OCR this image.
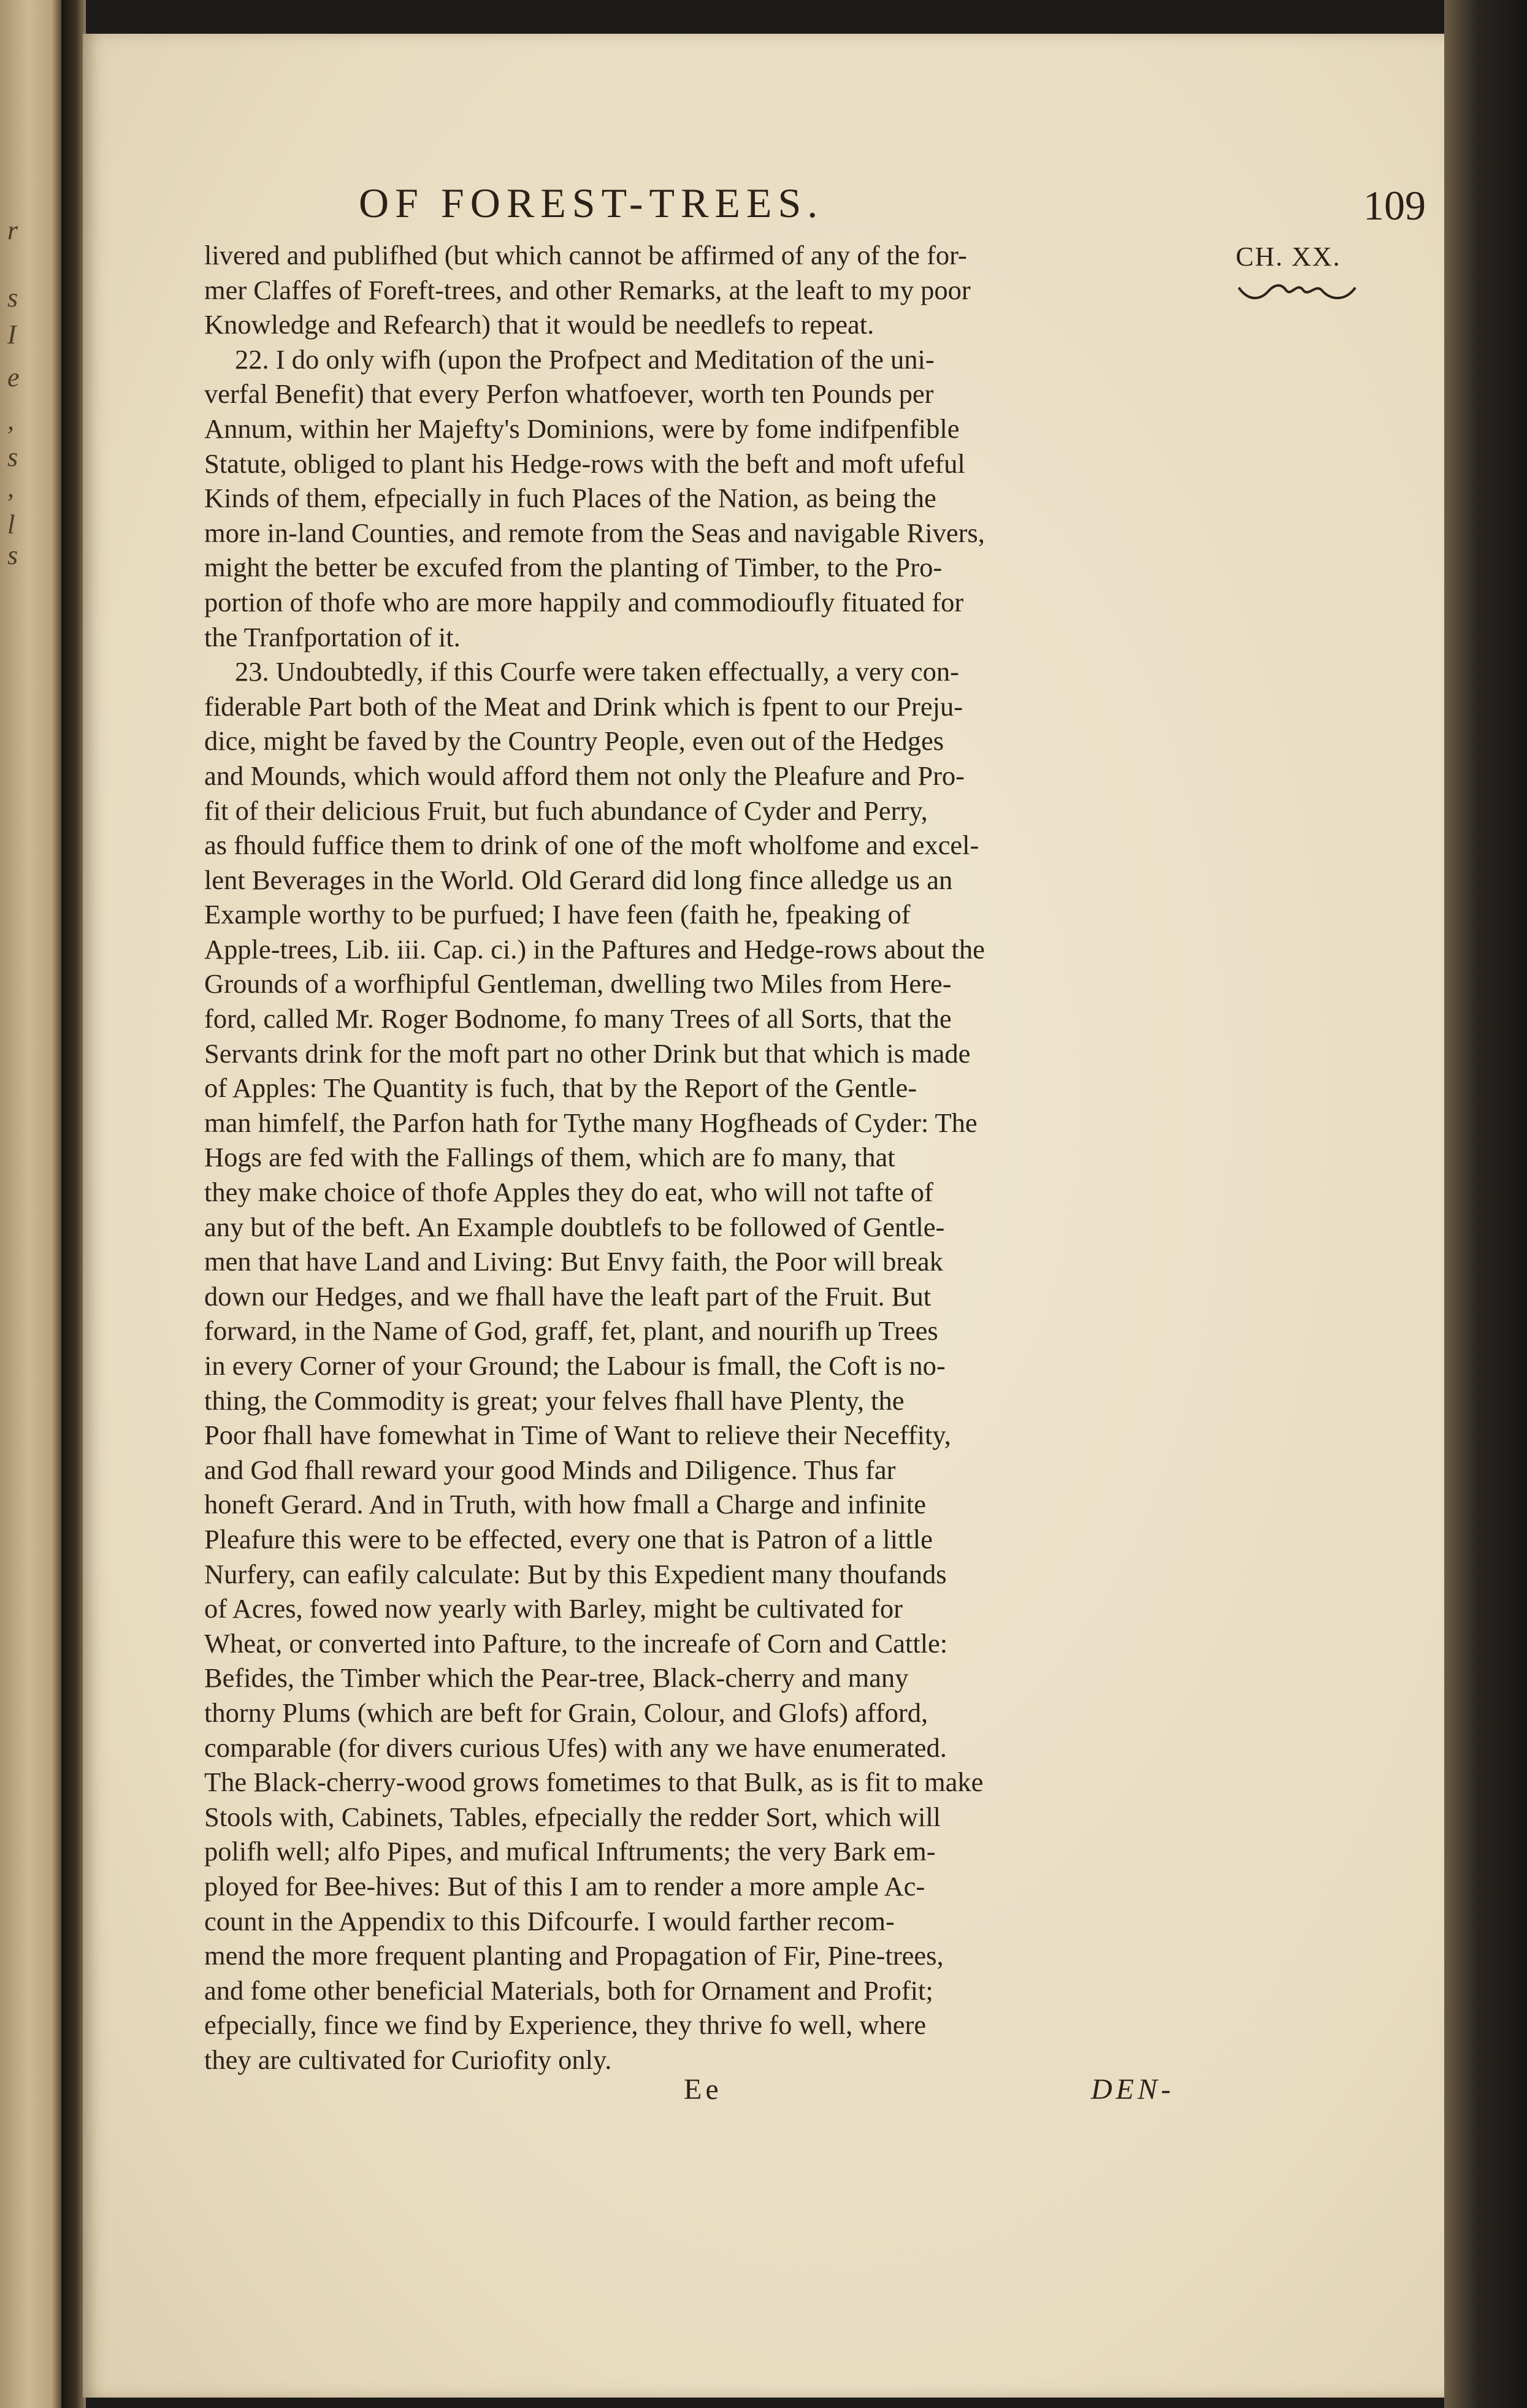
r
s
I
e
,
s
,
l
s
OF FOREST-TREES.	109
CH. XX.
livered and publifhed (but which cannot be affirmed of any of the for-
mer Claffes of Foreft-trees, and other Remarks, at the leaft to my poor
Knowledge and Refearch) that it would be needlefs to repeat.
22. I do only wifh (upon the Profpect and Meditation of the uni-
verfal Benefit) that every Perfon whatfoever, worth ten Pounds per
Annum, within her Majefty's Dominions, were by fome indifpenfible
Statute, obliged to plant his Hedge-rows with the beft and moft ufeful
Kinds of them, efpecially in fuch Places of the Nation, as being the
more in-land Counties, and remote from the Seas and navigable Rivers,
might the better be excufed from the planting of Timber, to the Pro-
portion of thofe who are more happily and commodioufly fituated for
the Tranfportation of it.
23. Undoubtedly, if this Courfe were taken effectually, a very con-
fiderable Part both of the Meat and Drink which is fpent to our Preju-
dice, might be faved by the Country People, even out of the Hedges
and Mounds, which would afford them not only the Pleafure and Pro-
fit of their delicious Fruit, but fuch abundance of Cyder and Perry,
as fhould fuffice them to drink of one of the moft wholfome and excel-
lent Beverages in the World. Old Gerard did long fince alledge us an
Example worthy to be purfued; I have feen (faith he, fpeaking of
Apple-trees, Lib. iii. Cap. ci.) in the Paftures and Hedge-rows about the
Grounds of a worfhipful Gentleman, dwelling two Miles from Here-
ford, called Mr. Roger Bodnome, fo many Trees of all Sorts, that the
Servants drink for the moft part no other Drink but that which is made
of Apples: The Quantity is fuch, that by the Report of the Gentle-
man himfelf, the Parfon hath for Tythe many Hogfheads of Cyder: The
Hogs are fed with the Fallings of them, which are fo many, that
they make choice of thofe Apples they do eat, who will not tafte of
any but of the beft. An Example doubtlefs to be followed of Gentle-
men that have Land and Living: But Envy faith, the Poor will break
down our Hedges, and we fhall have the leaft part of the Fruit. But
forward, in the Name of God, graff, fet, plant, and nourifh up Trees
in every Corner of your Ground; the Labour is fmall, the Coft is no-
thing, the Commodity is great; your felves fhall have Plenty, the
Poor fhall have fomewhat in Time of Want to relieve their Neceffity,
and God fhall reward your good Minds and Diligence. Thus far
honeft Gerard. And in Truth, with how fmall a Charge and infinite
Pleafure this were to be effected, every one that is Patron of a little
Nurfery, can eafily calculate: But by this Expedient many thoufands
of Acres, fowed now yearly with Barley, might be cultivated for
Wheat, or converted into Pafture, to the increafe of Corn and Cattle:
Befides, the Timber which the Pear-tree, Black-cherry and many
thorny Plums (which are beft for Grain, Colour, and Glofs) afford,
comparable (for divers curious Ufes) with any we have enumerated.
The Black-cherry-wood grows fometimes to that Bulk, as is fit to make
Stools with, Cabinets, Tables, efpecially the redder Sort, which will
polifh well; alfo Pipes, and mufical Inftruments; the very Bark em-
ployed for Bee-hives: But of this I am to render a more ample Ac-
count in the Appendix to this Difcourfe. I would farther recom-
mend the more frequent planting and Propagation of Fir, Pine-trees,
and fome other beneficial Materials, both for Ornament and Profit;
efpecially, fince we find by Experience, they thrive fo well, where
they are cultivated for Curiofity only.
Ee	DEN-
